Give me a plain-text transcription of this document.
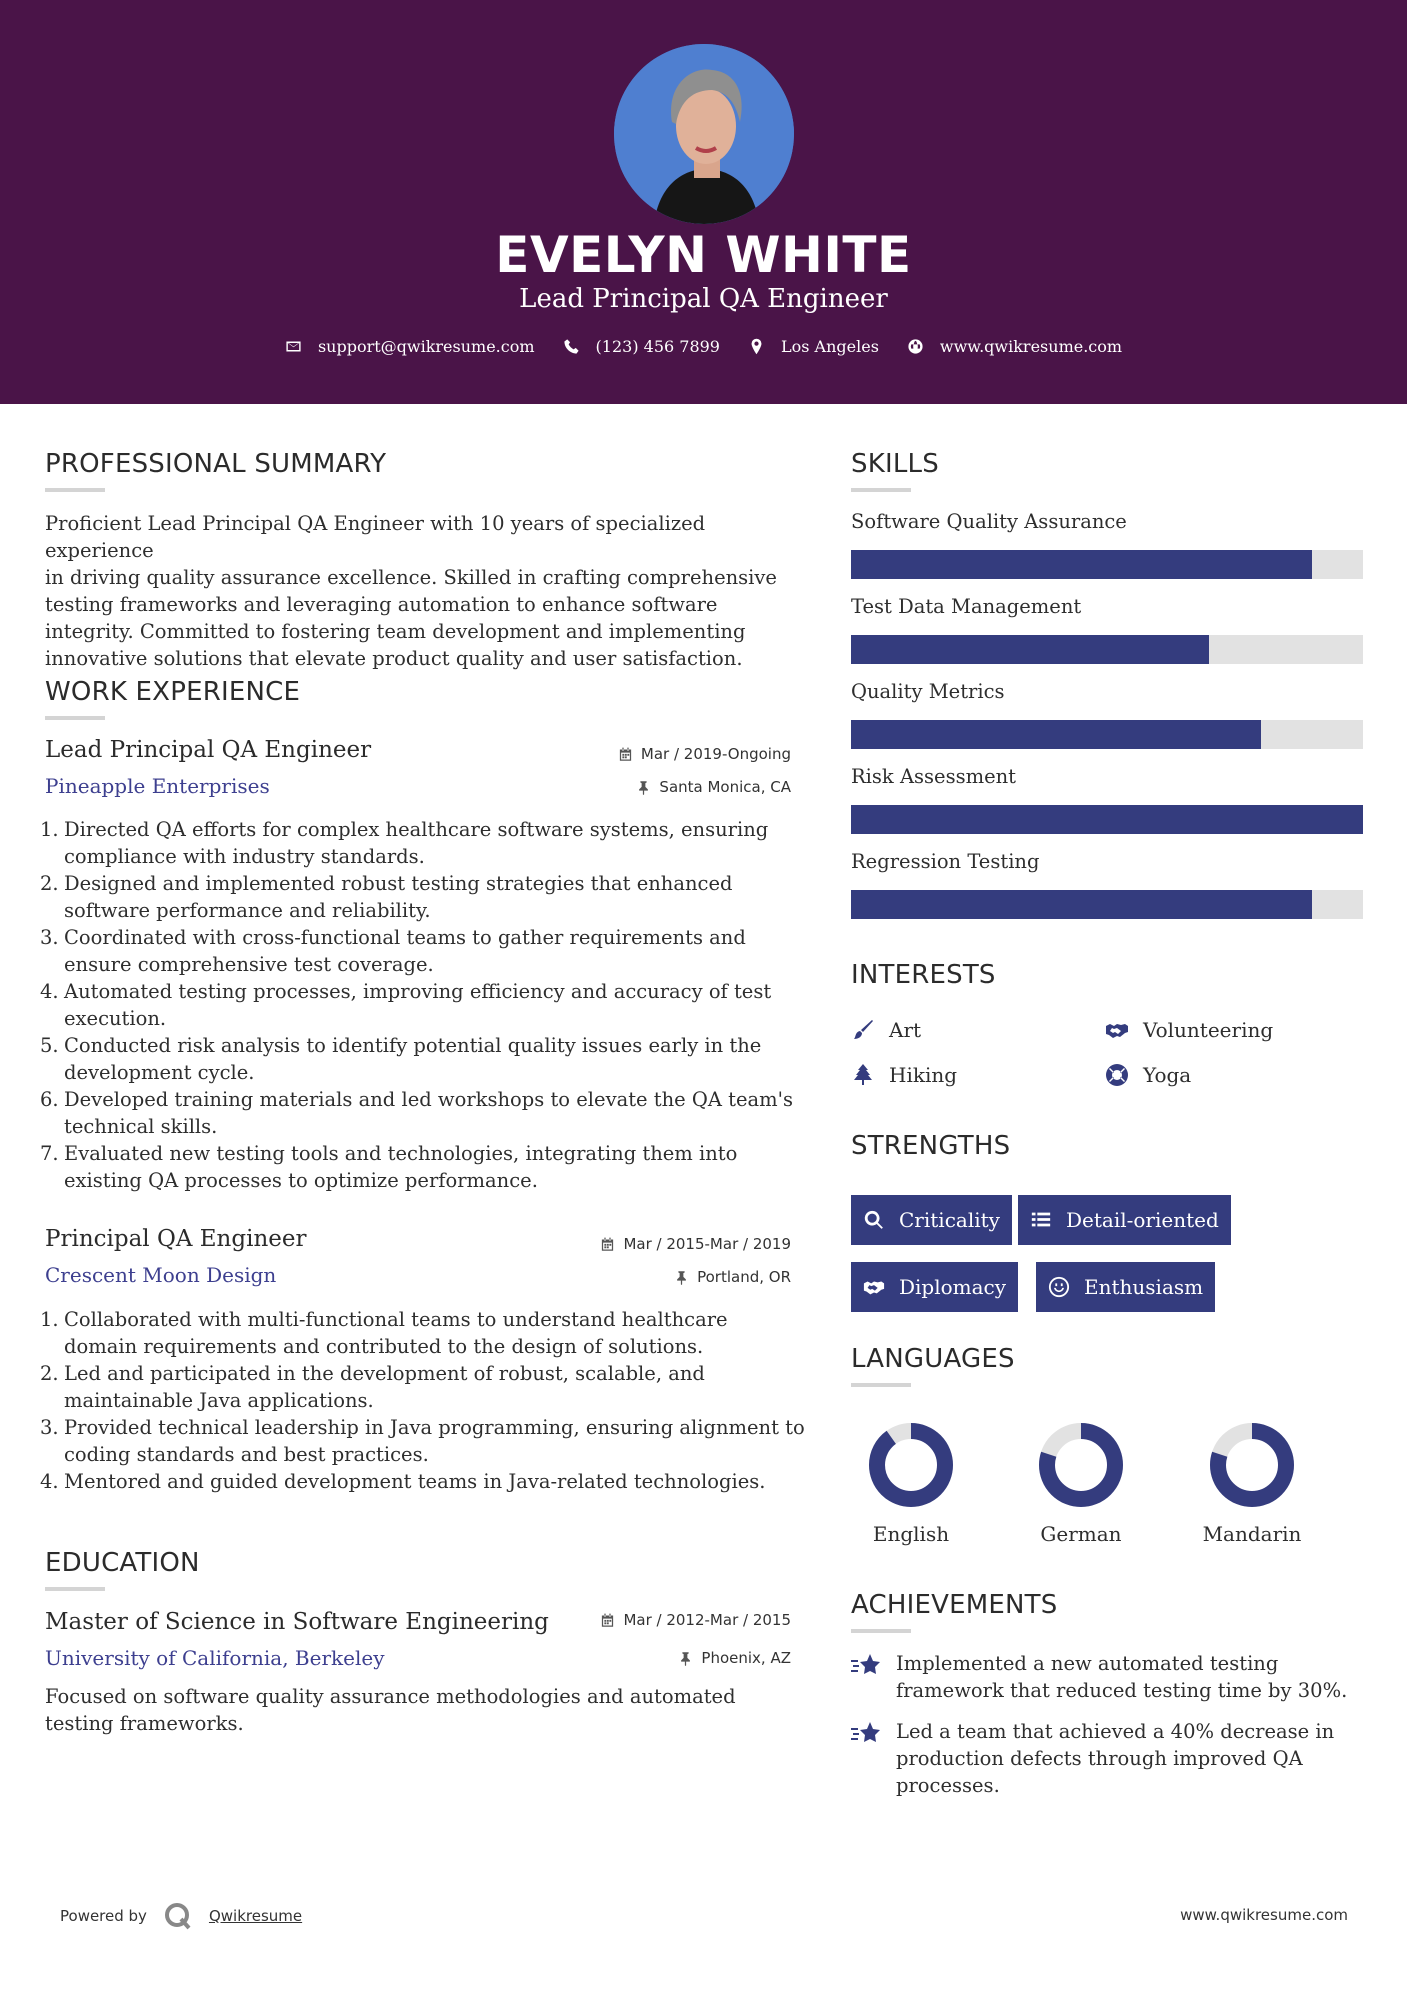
EVELYN WHITE
Lead Principal QA Engineer
support@qwikresume.com	(123) 456 7899	Los Angeles	www.qwikresume.com
PROFESSIONAL SUMMARY
Proficient Lead Principal QA Engineer with 10 years of specialized experience
in driving quality assurance excellence. Skilled in crafting comprehensive
testing frameworks and leveraging automation to enhance software
integrity. Committed to fostering team development and implementing
innovative solutions that elevate product quality and user satisfaction.
WORK EXPERIENCE
Lead Principal QA Engineer
Pineapple Enterprises
Mar / 2019-Ongoing
Santa Monica, CA
1. Directed QA efforts for complex healthcare software systems, ensuring
compliance with industry standards.
2. Designed and implemented robust testing strategies that enhanced
software performance and reliability.
3. Coordinated with cross-functional teams to gather requirements and
ensure comprehensive test coverage.
4. Automated testing processes, improving efficiency and accuracy of test
execution.
5. Conducted risk analysis to identify potential quality issues early in the
development cycle.
6. Developed training materials and led workshops to elevate the QA team's
technical skills.
7. Evaluated new testing tools and technologies, integrating them into
existing QA processes to optimize performance.
Principal QA Engineer
Crescent Moon Design
Mar / 2015-Mar / 2019
Portland, OR
1. Collaborated with multi-functional teams to understand healthcare
domain requirements and contributed to the design of solutions.
2. Led and participated in the development of robust, scalable, and
maintainable Java applications.
3. Provided technical leadership in Java programming, ensuring alignment to
coding standards and best practices.
4. Mentored and guided development teams in Java-related technologies.
EDUCATION
Master of Science in Software Engineering
University of California, Berkeley
Mar / 2012-Mar / 2015
Phoenix, AZ
Focused on software quality assurance methodologies and automated
testing frameworks.
SKILLS
Software Quality Assurance
Test Data Management
Quality Metrics
Risk Assessment
Regression Testing
INTERESTS
Art	Volunteering
Hiking	Yoga
STRENGTHS
Criticality	Detail-oriented
Diplomacy	Enthusiasm
LANGUAGES
English	German	Mandarin
ACHIEVEMENTS
Implemented a new automated testing
framework that reduced testing time by 30%.
Led a team that achieved a 40% decrease in
production defects through improved QA
processes.
Powered by	Qwikresume	www.qwikresume.com
